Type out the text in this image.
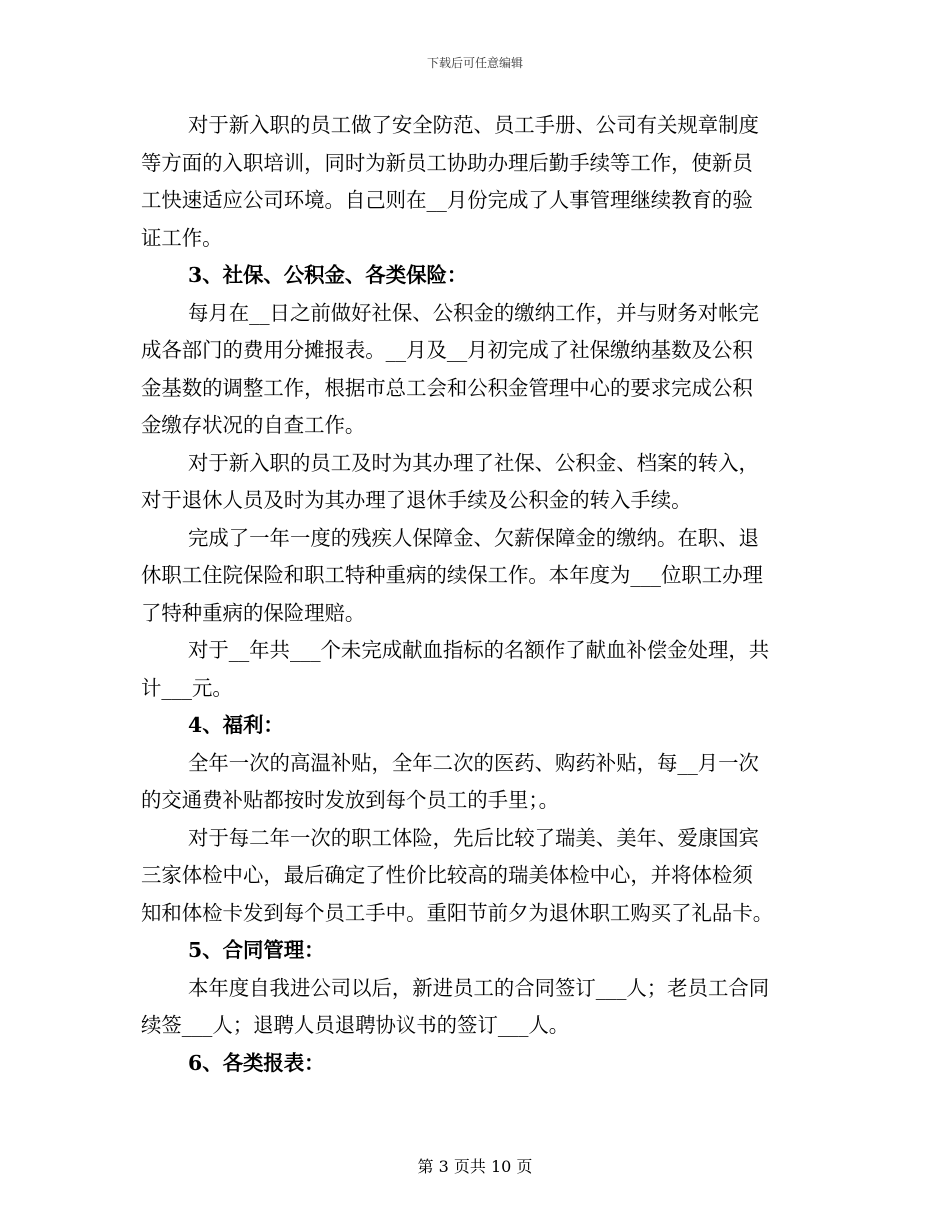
下载后可任意编辑

对于新入职的员工做了安全防范、员工手册、公司有关规章制度

等方面的入职培训，同时为新员工协助办理后勤手续等工作，使新员

工快速适应公司环境。自己则在__月份完成了人事管理继续教育的验

证工作。

3、社保、公积金、各类保险：

每月在__日之前做好社保、公积金的缴纳工作，并与财务对帐完

成各部门的费用分摊报表。__月及__月初完成了社保缴纳基数及公积

金基数的调整工作，根据市总工会和公积金管理中心的要求完成公积

金缴存状况的自查工作。

对于新入职的员工及时为其办理了社保、公积金、档案的转入，

对于退休人员及时为其办理了退休手续及公积金的转入手续。

完成了一年一度的残疾人保障金、欠薪保障金的缴纳。在职、退

休职工住院保险和职工特种重病的续保工作。本年度为___位职工办理

了特种重病的保险理赔。

对于__年共___个未完成献血指标的名额作了献血补偿金处理，共

计___元。

4、福利：

全年一次的高温补贴，全年二次的医药、购药补贴，每__月一次

的交通费补贴都按时发放到每个员工的手里；。

对于每二年一次的职工体险，先后比较了瑞美、美年、爱康国宾

三家体检中心，最后确定了性价比较高的瑞美体检中心，并将体检须

知和体检卡发到每个员工手中。重阳节前夕为退休职工购买了礼品卡。

5、合同管理：

本年度自我进公司以后，新进员工的合同签订___人；老员工合同

续签___人；退聘人员退聘协议书的签订___人。

6、各类报表：

第 3 页共 10 页
